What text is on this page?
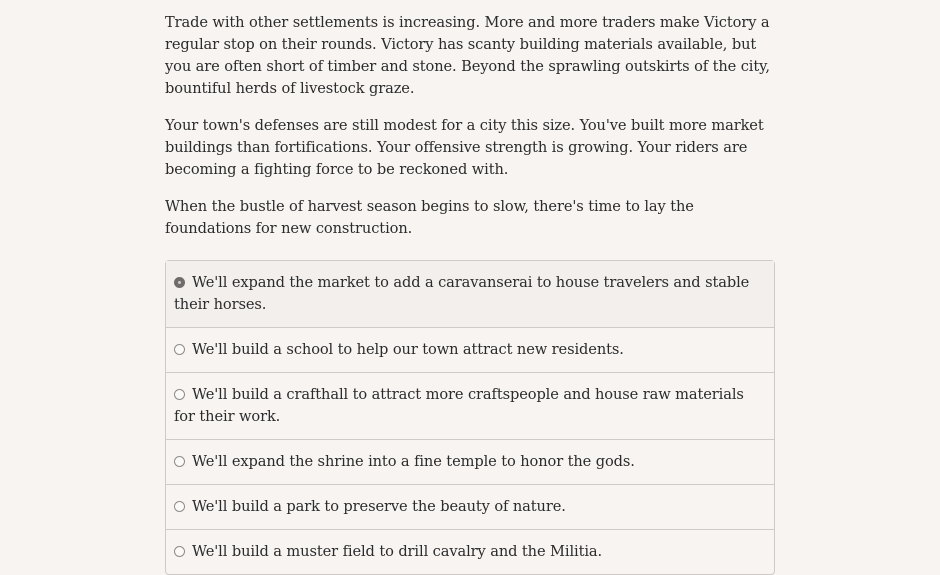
Trade with other settlements is increasing. More and more traders make Victory a regular stop on their rounds. Victory has scanty building materials available, but you are often short of timber and stone. Beyond the sprawling outskirts of the city, bountiful herds of livestock graze.

Your town's defenses are still modest for a city this size. You've built more market buildings than fortifications. Your offensive strength is growing. Your riders are becoming a fighting force to be reckoned with.

When the bustle of harvest season begins to slow, there's time to lay the foundations for new construction.

We'll expand the market to add a caravanserai to house travelers and stable their horses.
We'll build a school to help our town attract new residents.
We'll build a crafthall to attract more craftspeople and house raw materials for their work.
We'll expand the shrine into a fine temple to honor the gods.
We'll build a park to preserve the beauty of nature.
We'll build a muster field to drill cavalry and the Militia.
